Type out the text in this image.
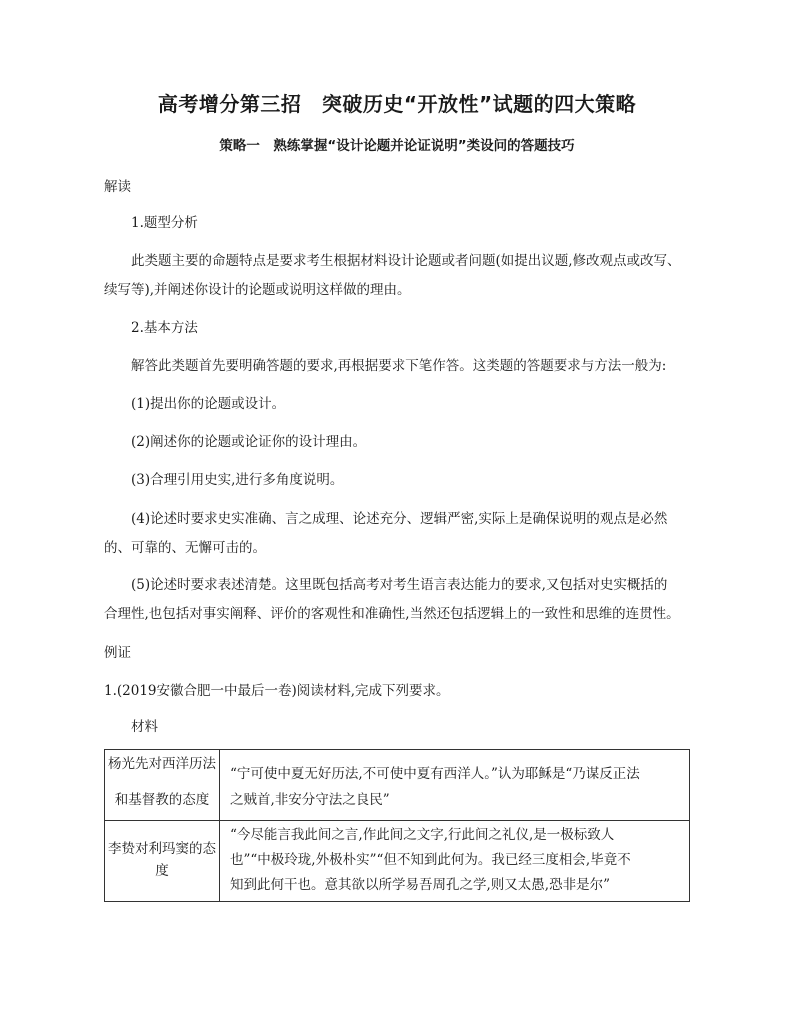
高考增分第三招　突破历史“开放性”试题的四大策略
策略一　熟练掌握“设计论题并论证说明”类设问的答题技巧
解读
1.题型分析
此类题主要的命题特点是要求考生根据材料设计论题或者问题(如提出议题,修改观点或改写、
续写等),并阐述你设计的论题或说明这样做的理由。
2.基本方法
解答此类题首先要明确答题的要求,再根据要求下笔作答。这类题的答题要求与方法一般为:
(1)提出你的论题或设计。
(2)阐述你的论题或论证你的设计理由。
(3)合理引用史实,进行多角度说明。
(4)论述时要求史实准确、言之成理、论述充分、逻辑严密,实际上是确保说明的观点是必然
的、可靠的、无懈可击的。
(5)论述时要求表述清楚。这里既包括高考对考生语言表达能力的要求,又包括对史实概括的
合理性,也包括对事实阐释、评价的客观性和准确性,当然还包括逻辑上的一致性和思维的连贯性。
例证
1.(2019安徽合肥一中最后一卷)阅读材料,完成下列要求。
材料
杨光先对西洋历法
和基督教的态度	“宁可使中夏无好历法,不可使中夏有西洋人。”认为耶稣是“乃谋反正法
之贼首,非安分守法之良民”

李贽对利玛窦的态
度	“今尽能言我此间之言,作此间之文字,行此间之礼仪,是一极标致人
也”“中极玲珑,外极朴实”“但不知到此何为。我已经三度相会,毕竟不
知到此何干也。意其欲以所学易吾周孔之学,则又太愚,恐非是尔”
